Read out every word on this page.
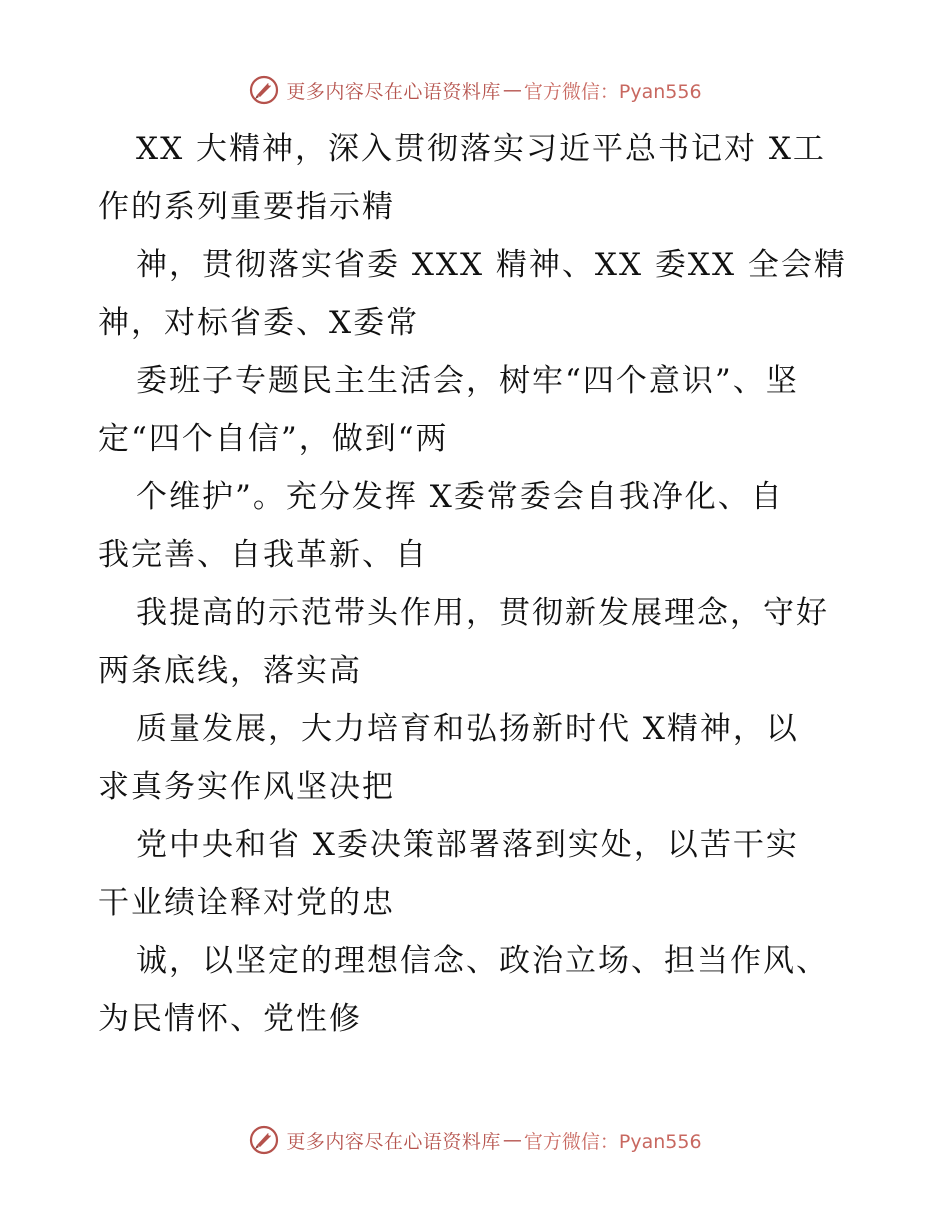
更多内容尽在心语资料库 — 官方微信：Pyan556

XX 大精神，深入贯彻落实习近平总书记对 X工
作的系列重要指示精

神，贯彻落实省委 XXX 精神、XX 委XX 全会精
神，对标省委、X委常

委班子专题民主生活会，树牢“四个意识”、坚
定“四个自信”，做到“两

个维护”。充分发挥 X委常委会自我净化、自
我完善、自我革新、自

我提高的示范带头作用，贯彻新发展理念，守好
两条底线，落实高

质量发展，大力培育和弘扬新时代 X精神，以
求真务实作风坚决把

党中央和省 X委决策部署落到实处，以苦干实
干业绩诠释对党的忠

诚，以坚定的理想信念、政治立场、担当作风、
为民情怀、党性修

更多内容尽在心语资料库 — 官方微信：Pyan556
